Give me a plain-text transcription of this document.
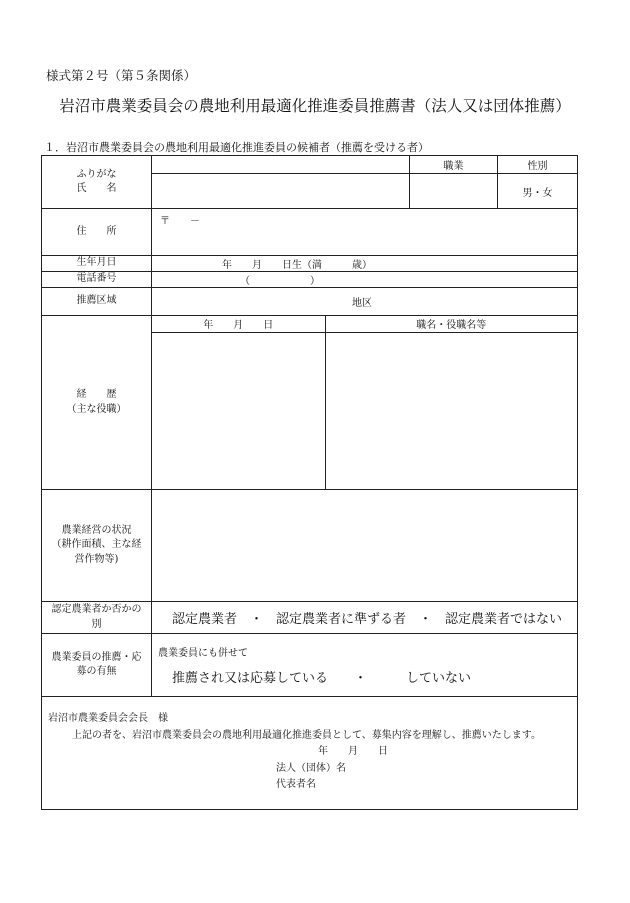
様式第２号（第５条関係）
岩沼市農業委員会の農地利用最適化推進委員推薦書（法人又は団体推薦）
１．岩沼市農業委員会の農地利用最適化推進委員の候補者（推薦を受ける者）
ふりがな
氏　　名
		職業	性別
		男・女
住　　所	〒　　－
生年月日	年　　月　　日生（満　　　歳）
電話番号	（　　　　　　）
推薦区域	地区

経　　歴
（主な役職）

年　　月　　日	職名・役職名等

農業経営の状況
（耕作面積、主な経
営作物等)

認定農業者か否かの
別	認定農業者　・　認定農業者に準ずる者　・　認定農業者ではない

農業委員の推薦・応
募の有無

農業委員にも併せて
推薦され又は応募している　　・　　　していない

岩沼市農業委員会会長　様
上記の者を、岩沼市農業委員会の農地利用最適化推進委員として、募集内容を理解し、推薦いたします。
年　　月　　日
法人（団体）名
代表者名
